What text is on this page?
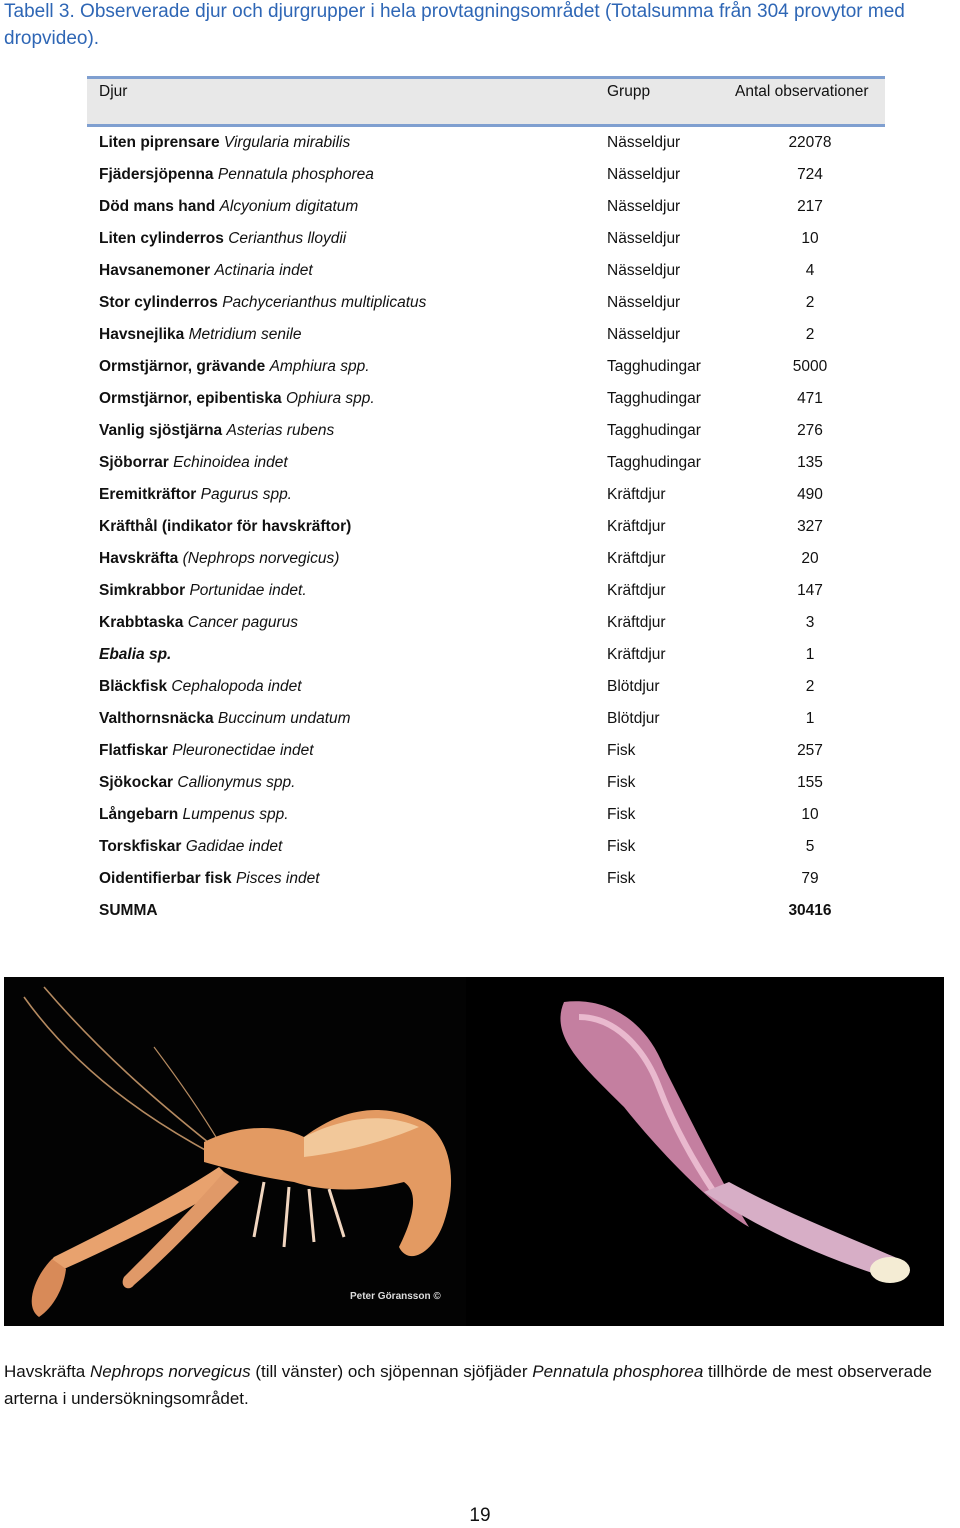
Tabell 3. Observerade djur och djurgrupper i hela provtagningsområdet (Totalsumma från 304 provytor med dropvideo).
Djur	Grupp	Antal observationer
Liten piprensare Virgularia mirabilis	Nässeldjur	22078
Fjädersjöpenna Pennatula phosphorea	Nässeldjur	724
Död mans hand Alcyonium digitatum	Nässeldjur	217
Liten cylinderros Cerianthus lloydii	Nässeldjur	10
Havsanemoner Actinaria indet	Nässeldjur	4
Stor cylinderros Pachycerianthus multiplicatus	Nässeldjur	2
Havsnejlika Metridium senile	Nässeldjur	2
Ormstjärnor, grävande Amphiura spp.	Tagghudingar	5000
Ormstjärnor, epibentiska Ophiura spp.	Tagghudingar	471
Vanlig sjöstjärna Asterias rubens	Tagghudingar	276
Sjöborrar Echinoidea indet	Tagghudingar	135
Eremitkräftor Pagurus spp.	Kräftdjur	490
Kräfthål (indikator för havskräftor)	Kräftdjur	327
Havskräfta (Nephrops norvegicus)	Kräftdjur	20
Simkrabbor Portunidae indet.	Kräftdjur	147
Krabbtaska Cancer pagurus	Kräftdjur	3
Ebalia sp.	Kräftdjur	1
Bläckfisk Cephalopoda indet	Blötdjur	2
Valthornsnäcka Buccinum undatum	Blötdjur	1
Flatfiskar Pleuronectidae indet	Fisk	257
Sjökockar Callionymus spp.	Fisk	155
Långebarn Lumpenus spp.	Fisk	10
Torskfiskar Gadidae indet	Fisk	5
Oidentifierbar fisk Pisces indet	Fisk	79
SUMMA		30416
Peter Göransson ©
Havskräfta Nephrops norvegicus (till vänster) och sjöpennan sjöfjäder Pennatula phosphorea tillhörde de mest observerade arterna i undersökningsområdet.
19
